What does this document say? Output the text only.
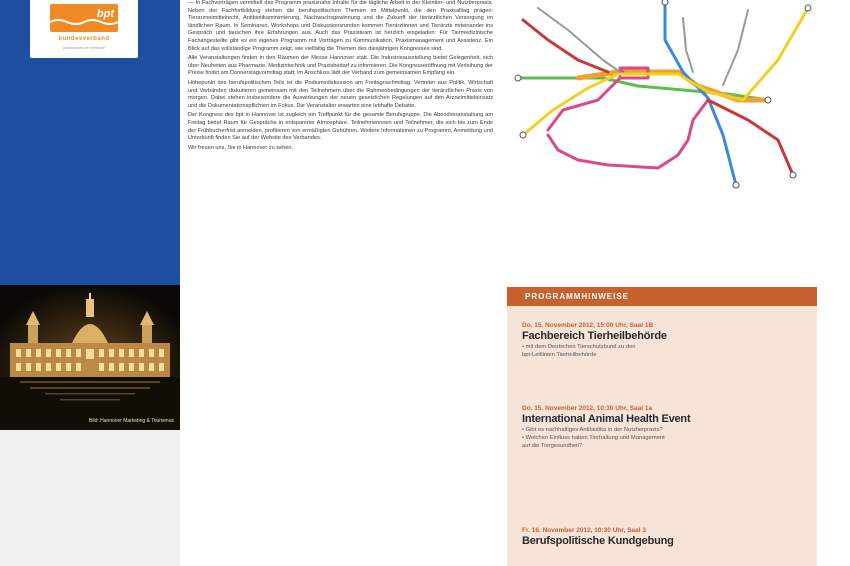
bpt
bundesverband
praktizierender tierärzte
Bild: Hannover Marketing & Tourismus

— In Fachvorträgen vermittelt das Programm praxisnahe Inhalte für die tägliche Arbeit in der Kleintier- und Nutztierpraxis. Neben der Fachfortbildung stehen die berufspolitischen Themen im Mittelpunkt, die den Praxisalltag prägen: Tierarzneimittelrecht, Antibiotikaminimierung, Nachwuchsgewinnung und die Zukunft der tierärztlichen Versorgung im ländlichen Raum. In Seminaren, Workshops und Diskussionsrunden kommen Tierärztinnen und Tierärzte miteinander ins Gespräch und tauschen ihre Erfahrungen aus. Auch das Praxisteam ist herzlich eingeladen: Für Tiermedizinische Fachangestellte gibt es ein eigenes Programm mit Vorträgen zu Kommunikation, Praxismanagement und Assistenz. Ein Blick auf das vollständige Programm zeigt, wie vielfältig die Themen des diesjährigen Kongresses sind.

Alle Veranstaltungen finden in den Räumen der Messe Hannover statt. Die Industrieausstellung bietet Gelegenheit, sich über Neuheiten aus Pharmazie, Medizintechnik und Praxisbedarf zu informieren. Die Kongresseröffnung mit Verleihung der Preise findet am Donnerstagvormittag statt; im Anschluss lädt der Verband zum gemeinsamen Empfang ein.

Höhepunkt des berufspolitischen Teils ist die Podiumsdiskussion am Freitagnachmittag. Vertreter aus Politik, Wirtschaft und Verbänden diskutieren gemeinsam mit den Teilnehmern über die Rahmenbedingungen der tierärztlichen Praxis von morgen. Dabei stehen insbesondere die Auswirkungen der neuen gesetzlichen Regelungen auf den Arzneimitteleinsatz und die Dokumentationspflichten im Fokus. Die Veranstalter erwarten eine lebhafte Debatte.

Der Kongress des bpt in Hannover ist zugleich ein Treffpunkt für die gesamte Berufsgruppe. Die Abendveranstaltung am Freitag bietet Raum für Gespräche in entspannter Atmosphäre. Teilnehmerinnen und Teilnehmer, die sich bis zum Ende der Frühbucherfrist anmelden, profitieren von ermäßigten Gebühren. Weitere Informationen zu Programm, Anmeldung und Unterkunft finden Sie auf der Website des Verbandes.

Wir freuen uns, Sie in Hannover zu sehen.

PROGRAMMHINWEISE
Do. 15. November 2012, 15:00 Uhr, Saal 1B
Fachbereich Tierheilbehörde
• mit dem Deutschen Tierschutzbund zu den
bpt-Leitlinien Tierheilbehörde
Do. 15. November 2012, 10:30 Uhr, Saal 1a
International Animal Health Event
• Gibt es nachhaltiges Antibiotika in der Nutztierpraxis?
• Welchen Einfluss haben Tierhaltung und Management
auf die Tiergesundheit?
Fr. 16. November 2012, 10:30 Uhr, Saal 3
Berufspolitische Kundgebung
